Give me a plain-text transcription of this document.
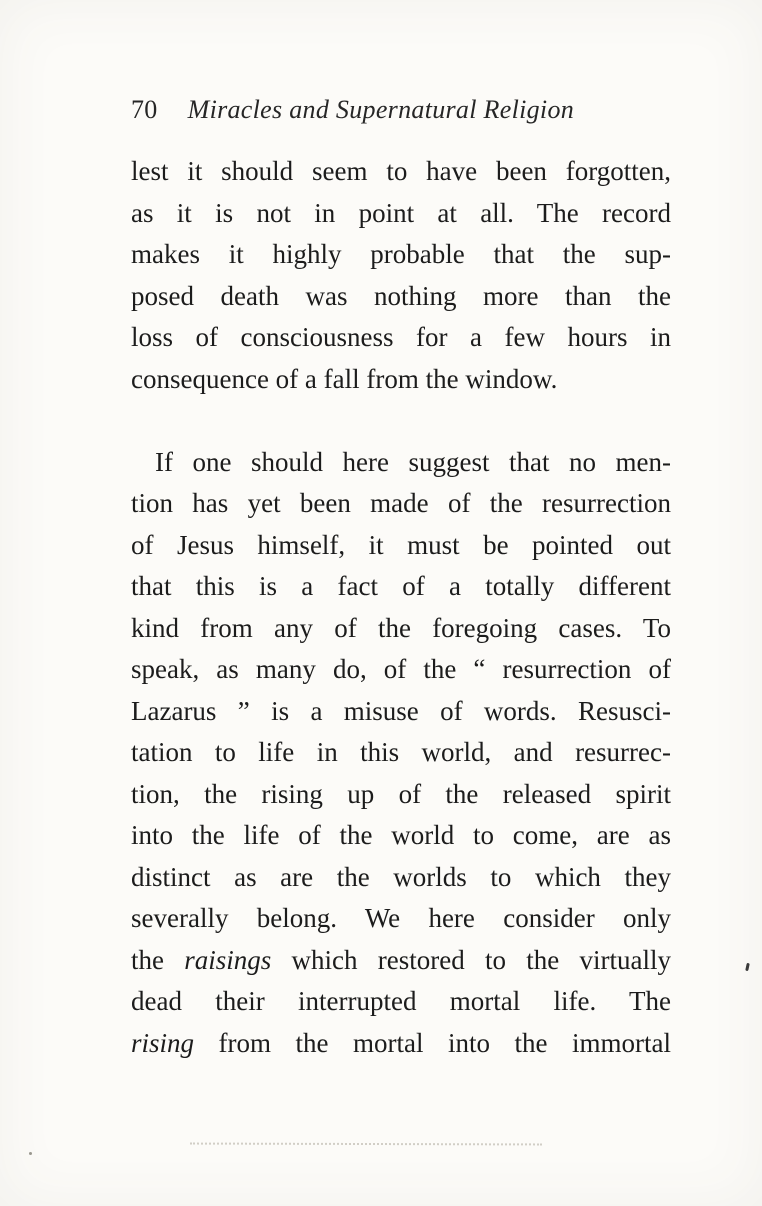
70 Miracles and Supernatural Religion
lest it should seem to have been forgotten,
as it is not in point at all. The record
makes it highly probable that the sup-
posed death was nothing more than the
loss of consciousness for a few hours in
consequence of a fall from the window.
If one should here suggest that no men-
tion has yet been made of the resurrection
of Jesus himself, it must be pointed out
that this is a fact of a totally different
kind from any of the foregoing cases. To
speak, as many do, of the “ resurrection of
Lazarus ” is a misuse of words. Resusci-
tation to life in this world, and resurrec-
tion, the rising up of the released spirit
into the life of the world to come, are as
distinct as are the worlds to which they
severally belong. We here consider only
the raisings which restored to the virtually
dead their interrupted mortal life. The
rising from the mortal into the immortal
